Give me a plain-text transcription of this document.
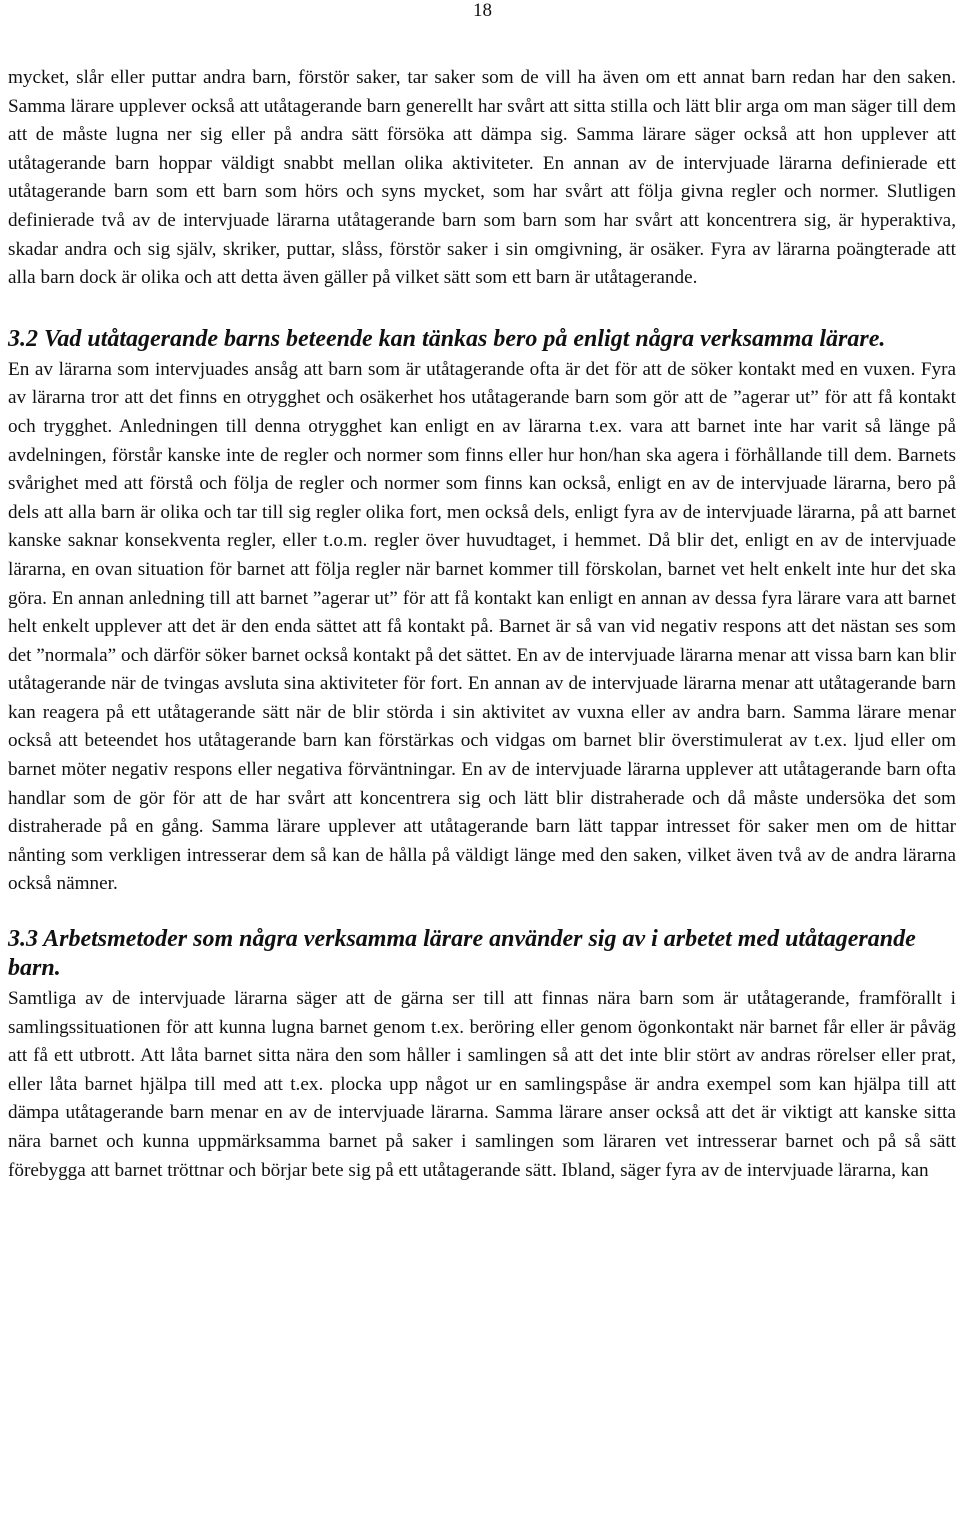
18

mycket, slår eller puttar andra barn, förstör saker, tar saker som de vill ha även om ett annat barn redan har den saken. Samma lärare upplever också att utåtagerande barn generellt har svårt att sitta stilla och lätt blir arga om man säger till dem att de måste lugna ner sig eller på andra sätt försöka att dämpa sig. Samma lärare säger också att hon upplever att utåtagerande barn hoppar väldigt snabbt mellan olika aktiviteter. En annan av de intervjuade lärarna definierade ett utåtagerande barn som ett barn som hörs och syns mycket, som har svårt att följa givna regler och normer. Slutligen definierade två av de intervjuade lärarna utåtagerande barn som barn som har svårt att koncentrera sig, är hyperaktiva, skadar andra och sig själv, skriker, puttar, slåss, förstör saker i sin omgivning, är osäker. Fyra av lärarna poängterade att alla barn dock är olika och att detta även gäller på vilket sätt som ett barn är utåtagerande.

3.2 Vad utåtagerande barns beteende kan tänkas bero på enligt några verksamma lärare.

En av lärarna som intervjuades ansåg att barn som är utåtagerande ofta är det för att de söker kontakt med en vuxen. Fyra av lärarna tror att det finns en otrygghet och osäkerhet hos utåtagerande barn som gör att de ”agerar ut” för att få kontakt och trygghet. Anledningen till denna otrygghet kan enligt en av lärarna t.ex. vara att barnet inte har varit så länge på avdelningen, förstår kanske inte de regler och normer som finns eller hur hon/han ska agera i förhållande till dem. Barnets svårighet med att förstå och följa de regler och normer som finns kan också, enligt en av de intervjuade lärarna, bero på dels att alla barn är olika och tar till sig regler olika fort, men också dels, enligt fyra av de intervjuade lärarna, på att barnet kanske saknar konsekventa regler, eller t.o.m. regler över huvudtaget, i hemmet. Då blir det, enligt en av de intervjuade lärarna, en ovan situation för barnet att följa regler när barnet kommer till förskolan, barnet vet helt enkelt inte hur det ska göra. En annan anledning till att barnet ”agerar ut” för att få kontakt kan enligt en annan av dessa fyra lärare vara att barnet helt enkelt upplever att det är den enda sättet att få kontakt på. Barnet är så van vid negativ respons att det nästan ses som det ”normala” och därför söker barnet också kontakt på det sättet. En av de intervjuade lärarna menar att vissa barn kan blir utåtagerande när de tvingas avsluta sina aktiviteter för fort. En annan av de intervjuade lärarna menar att utåtagerande barn kan reagera på ett utåtagerande sätt när de blir störda i sin aktivitet av vuxna eller av andra barn. Samma lärare menar också att beteendet hos utåtagerande barn kan förstärkas och vidgas om barnet blir överstimulerat av t.ex. ljud eller om barnet möter negativ respons eller negativa förväntningar. En av de intervjuade lärarna upplever att utåtagerande barn ofta handlar som de gör för att de har svårt att koncentrera sig och lätt blir distraherade och då måste undersöka det som distraherade på en gång. Samma lärare upplever att utåtagerande barn lätt tappar intresset för saker men om de hittar nånting som verkligen intresserar dem så kan de hålla på väldigt länge med den saken, vilket även två av de andra lärarna också nämner.

3.3 Arbetsmetoder som några verksamma lärare använder sig av i arbetet med utåtagerande barn.

Samtliga av de intervjuade lärarna säger att de gärna ser till att finnas nära barn som är utåtagerande, framförallt i samlingssituationen för att kunna lugna barnet genom t.ex. beröring eller genom ögonkontakt när barnet får eller är påväg att få ett utbrott. Att låta barnet sitta nära den som håller i samlingen så att det inte blir stört av andras rörelser eller prat, eller låta barnet hjälpa till med att t.ex. plocka upp något ur en samlingspåse är andra exempel som kan hjälpa till att dämpa utåtagerande barn menar en av de intervjuade lärarna. Samma lärare anser också att det är viktigt att kanske sitta nära barnet och kunna uppmärksamma barnet på saker i samlingen som läraren vet intresserar barnet och på så sätt förebygga att barnet tröttnar och börjar bete sig på ett utåtagerande sätt. Ibland, säger fyra av de intervjuade lärarna, kan
